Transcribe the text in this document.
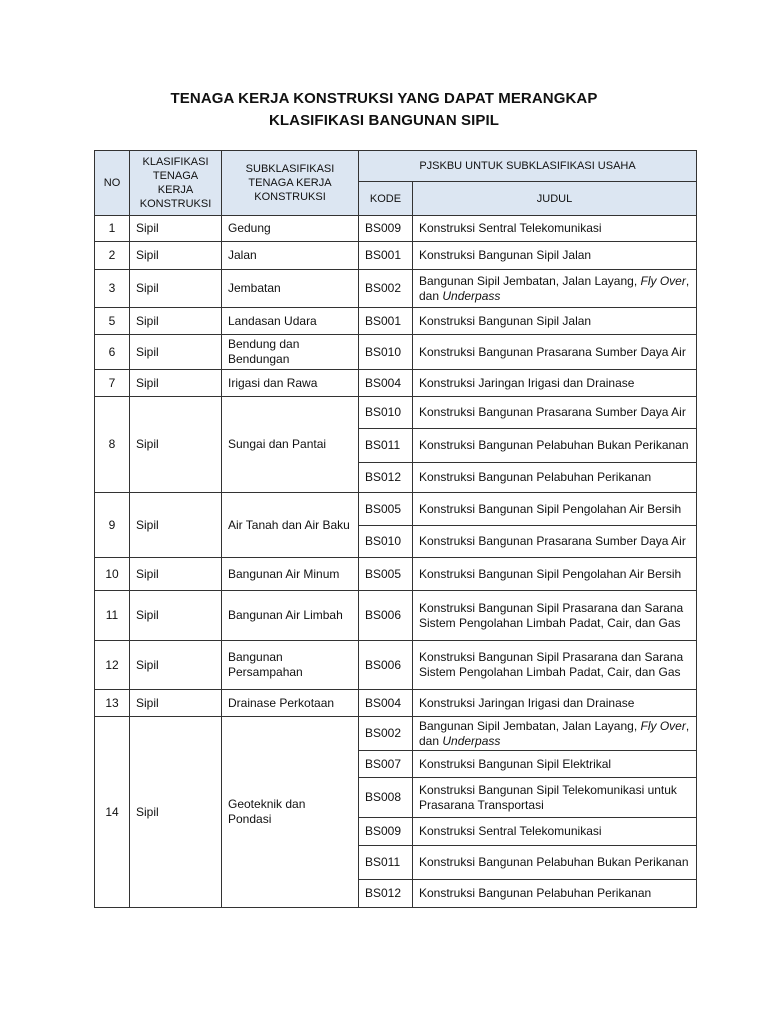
TENAGA KERJA KONSTRUKSI YANG DAPAT MERANGKAP
KLASIFIKASI BANGUNAN SIPIL
NO	KLASIFIKASI TENAGA KERJA KONSTRUKSI	SUBKLASIFIKASI TENAGA KERJA KONSTRUKSI	PJSKBU UNTUK SUBKLASIFIKASI USAHA	
			KODE	JUDUL
1	Sipil	Gedung	BS009	Konstruksi Sentral Telekomunikasi
2	Sipil	Jalan	BS001	Konstruksi Bangunan Sipil Jalan
3	Sipil	Jembatan	BS002	Bangunan Sipil Jembatan, Jalan Layang, Fly Over, dan Underpass
5	Sipil	Landasan Udara	BS001	Konstruksi Bangunan Sipil Jalan
6	Sipil	Bendung dan Bendungan	BS010	Konstruksi Bangunan Prasarana Sumber Daya Air
7	Sipil	Irigasi dan Rawa	BS004	Konstruksi Jaringan Irigasi dan Drainase
8	Sipil	Sungai dan Pantai	BS010	Konstruksi Bangunan Prasarana Sumber Daya Air
			BS011	Konstruksi Bangunan Pelabuhan Bukan Perikanan
			BS012	Konstruksi Bangunan Pelabuhan Perikanan
9	Sipil	Air Tanah dan Air Baku	BS005	Konstruksi Bangunan Sipil Pengolahan Air Bersih
			BS010	Konstruksi Bangunan Prasarana Sumber Daya Air
10	Sipil	Bangunan Air Minum	BS005	Konstruksi Bangunan Sipil Pengolahan Air Bersih
11	Sipil	Bangunan Air Limbah	BS006	Konstruksi Bangunan Sipil Prasarana dan Sarana Sistem Pengolahan Limbah Padat, Cair, dan Gas
12	Sipil	Bangunan Persampahan	BS006	Konstruksi Bangunan Sipil Prasarana dan Sarana Sistem Pengolahan Limbah Padat, Cair, dan Gas
13	Sipil	Drainase Perkotaan	BS004	Konstruksi Jaringan Irigasi dan Drainase
14	Sipil	Geoteknik dan Pondasi	BS002	Bangunan Sipil Jembatan, Jalan Layang, Fly Over, dan Underpass
			BS007	Konstruksi Bangunan Sipil Elektrikal
			BS008	Konstruksi Bangunan Sipil Telekomunikasi untuk Prasarana Transportasi
			BS009	Konstruksi Sentral Telekomunikasi
			BS011	Konstruksi Bangunan Pelabuhan Bukan Perikanan
			BS012	Konstruksi Bangunan Pelabuhan Perikanan
